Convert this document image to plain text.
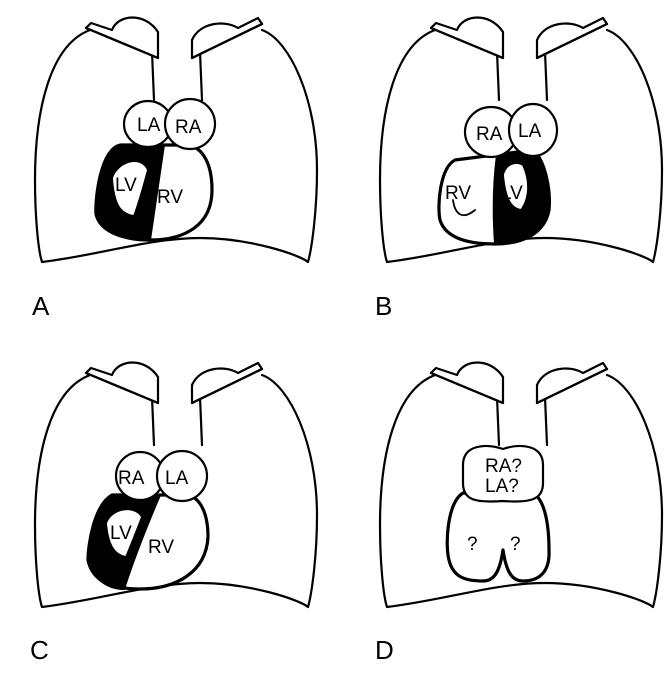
LA RA
LV
RV
A
RA LA
RV LV
B
RA LA
LV
RV
C
RA?
LA?
? ?
D
